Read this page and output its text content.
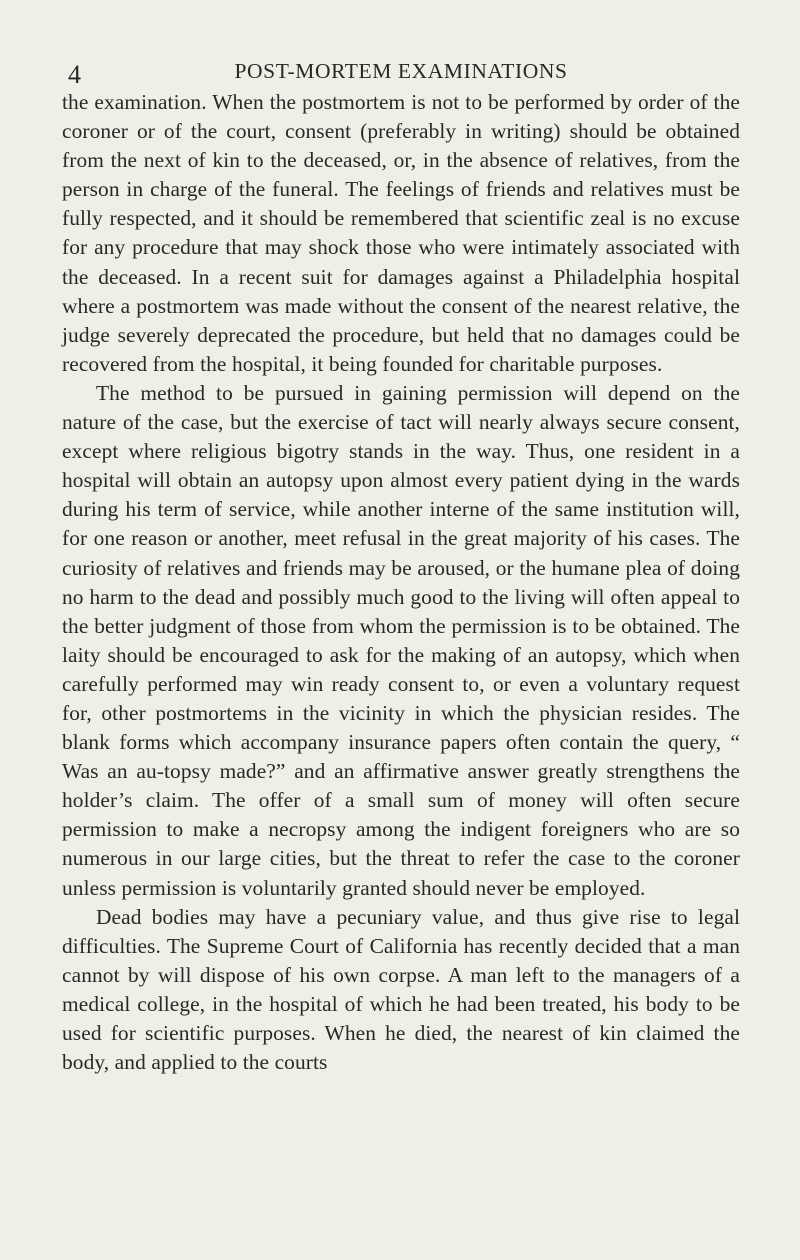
4	POST-MORTEM EXAMINATIONS

the examination. When the postmortem is not to be performed by order of the coroner or of the court, consent (preferably in writing) should be obtained from the next of kin to the deceased, or, in the absence of relatives, from the person in charge of the funeral. The feelings of friends and relatives must be fully respected, and it should be remembered that scientific zeal is no excuse for any procedure that may shock those who were intimately associated with the deceased. In a recent suit for damages against a Philadelphia hospital where a postmortem was made without the consent of the nearest relative, the judge severely deprecated the procedure, but held that no damages could be recovered from the hospital, it being founded for charitable purposes.

The method to be pursued in gaining permission will depend on the nature of the case, but the exercise of tact will nearly always secure consent, except where religious bigotry stands in the way. Thus, one resident in a hospital will obtain an autopsy upon almost every patient dying in the wards during his term of service, while another interne of the same institution will, for one reason or another, meet refusal in the great majority of his cases. The curiosity of relatives and friends may be aroused, or the humane plea of doing no harm to the dead and possibly much good to the living will often appeal to the better judgment of those from whom the permission is to be obtained. The laity should be encouraged to ask for the making of an autopsy, which when carefully performed may win ready consent to, or even a voluntary request for, other postmortems in the vicinity in which the physician resides. The blank forms which accompany insurance papers often contain the query, “ Was an au-topsy made?” and an affirmative answer greatly strengthens the holder’s claim. The offer of a small sum of money will often secure permission to make a necropsy among the indigent foreigners who are so numerous in our large cities, but the threat to refer the case to the coroner unless permission is voluntarily granted should never be employed.

Dead bodies may have a pecuniary value, and thus give rise to legal difficulties. The Supreme Court of California has recently decided that a man cannot by will dispose of his own corpse. A man left to the managers of a medical college, in the hospital of which he had been treated, his body to be used for scientific purposes. When he died, the nearest of kin claimed the body, and applied to the courts
